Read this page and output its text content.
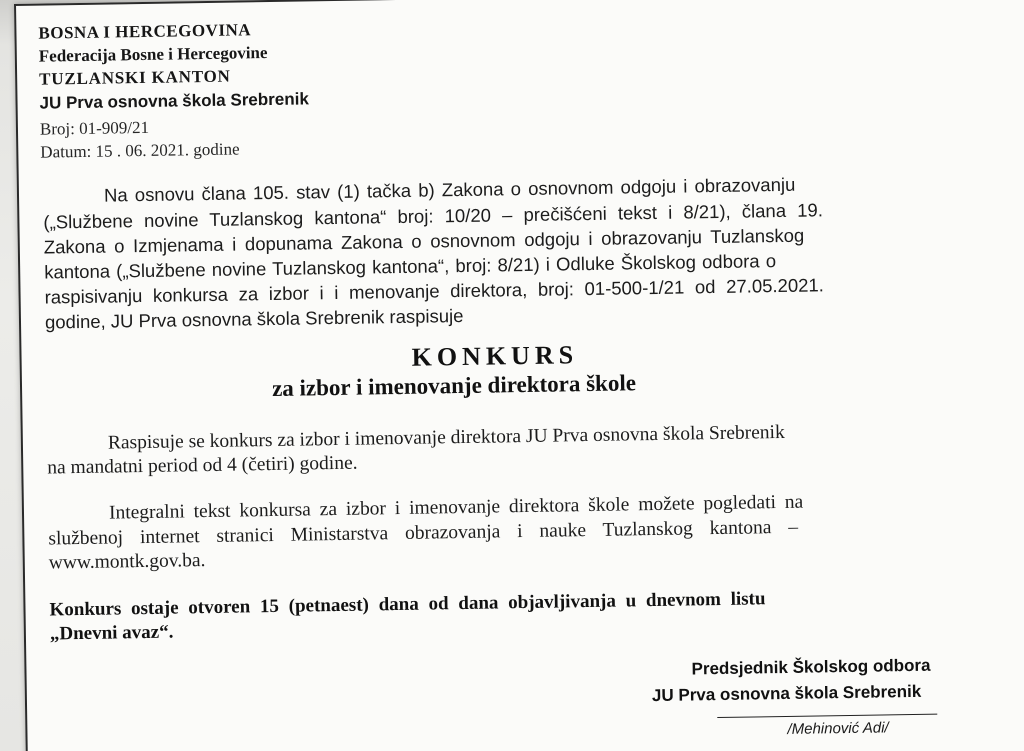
BOSNA I HERCEGOVINA
Federacija Bosne i Hercegovine
TUZLANSKI KANTON
JU Prva osnovna škola Srebrenik
Broj: 01-909/21
Datum: 15 . 06. 2021. godine
Na osnovu člana 105. stav (1) tačka b) Zakona o osnovnom odgoju i obrazovanju
(„Službene novine Tuzlanskog kantona“ broj: 10/20 – prečišćeni tekst i 8/21), člana 19.
Zakona o Izmjenama i dopunama Zakona o osnovnom odgoju i obrazovanju Tuzlanskog
kantona („Službene novine Tuzlanskog kantona“, broj: 8/21) i Odluke Školskog odbora o
raspisivanju konkursa za izbor i i menovanje direktora, broj: 01-500-1/21 od 27.05.2021.
godine, JU Prva osnovna škola Srebrenik raspisuje
KONKURS
za izbor i imenovanje direktora škole
Raspisuje se konkurs za izbor i imenovanje direktora JU Prva osnovna škola Srebrenik
na mandatni period od 4 (četiri) godine.
Integralni tekst konkursa za izbor i imenovanje direktora škole možete pogledati na
službenoj internet stranici Ministarstva obrazovanja i nauke Tuzlanskog kantona –
www.montk.gov.ba.
Konkurs ostaje otvoren 15 (petnaest) dana od dana objavljivanja u dnevnom listu
„Dnevni avaz“.
Predsjednik Školskog odbora
JU Prva osnovna škola Srebrenik
/Mehinović Adi/
